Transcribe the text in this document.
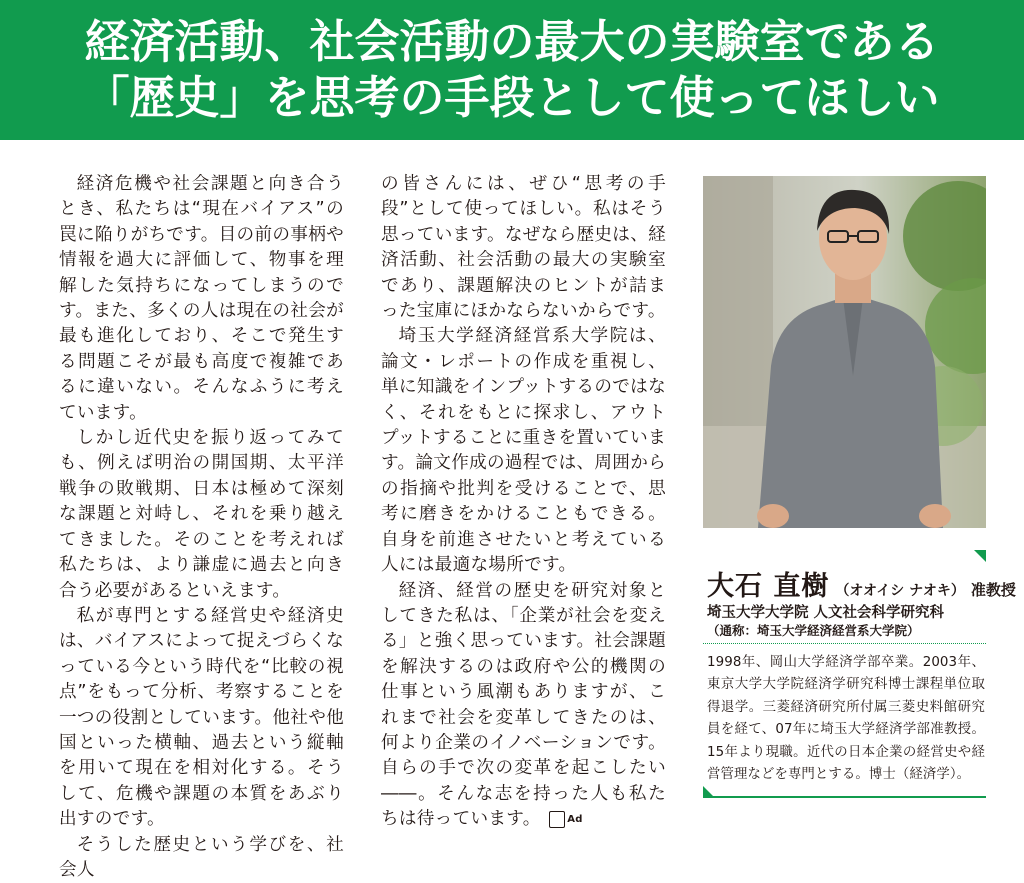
経済活動、社会活動の最大の実験室である
「歴史」を思考の手段として使ってほしい

経済危機や社会課題と向き合うとき、私たちは“現在バイアス”の罠に陥りがちです。目の前の事柄や情報を過大に評価して、物事を理解した気持ちになってしまうのです。また、多くの人は現在の社会が最も進化しており、そこで発生する問題こそが最も高度で複雑であるに違いない。そんなふうに考えています。

しかし近代史を振り返ってみても、例えば明治の開国期、太平洋戦争の敗戦期、日本は極めて深刻な課題と対峙し、それを乗り越えてきました。そのことを考えれば私たちは、より謙虚に過去と向き合う必要があるといえます。

私が専門とする経営史や経済史は、バイアスによって捉えづらくなっている今という時代を“比較の視点”をもって分析、考察することを一つの役割としています。他社や他国といった横軸、過去という縦軸を用いて現在を相対化する。そうして、危機や課題の本質をあぶり出すのです。

そうした歴史という学びを、社会人

の皆さんには、ぜひ“思考の手段”として使ってほしい。私はそう思っています。なぜなら歴史は、経済活動、社会活動の最大の実験室であり、課題解決のヒントが詰まった宝庫にほかならないからです。

埼玉大学経済経営系大学院は、論文・レポートの作成を重視し、単に知識をインプットするのではなく、それをもとに探求し、アウトプットすることに重きを置いています。論文作成の過程では、周囲からの指摘や批判を受けることで、思考に磨きをかけることもできる。自身を前進させたいと考えている人には最適な場所です。

経済、経営の歴史を研究対象としてきた私は、「企業が社会を変える」と強く思っています。社会課題を解決するのは政府や公的機関の仕事という風潮もありますが、これまで社会を変革してきたのは、何より企業のイノベーションです。自らの手で次の変革を起こしたい――。そんな志を持った人も私たちは待っています。	Ad

大石 直樹 （オオイシ ナオキ） 准教授
埼玉大学大学院 人文社会科学研究科
（通称：埼玉大学経済経営系大学院）
1998年、岡山大学経済学部卒業。2003年、東京大学大学院経済学研究科博士課程単位取得退学。三菱経済研究所付属三菱史料館研究員を経て、07年に埼玉大学経済学部准教授。15年より現職。近代の日本企業の経営史や経営管理などを専門とする。博士（経済学）。
